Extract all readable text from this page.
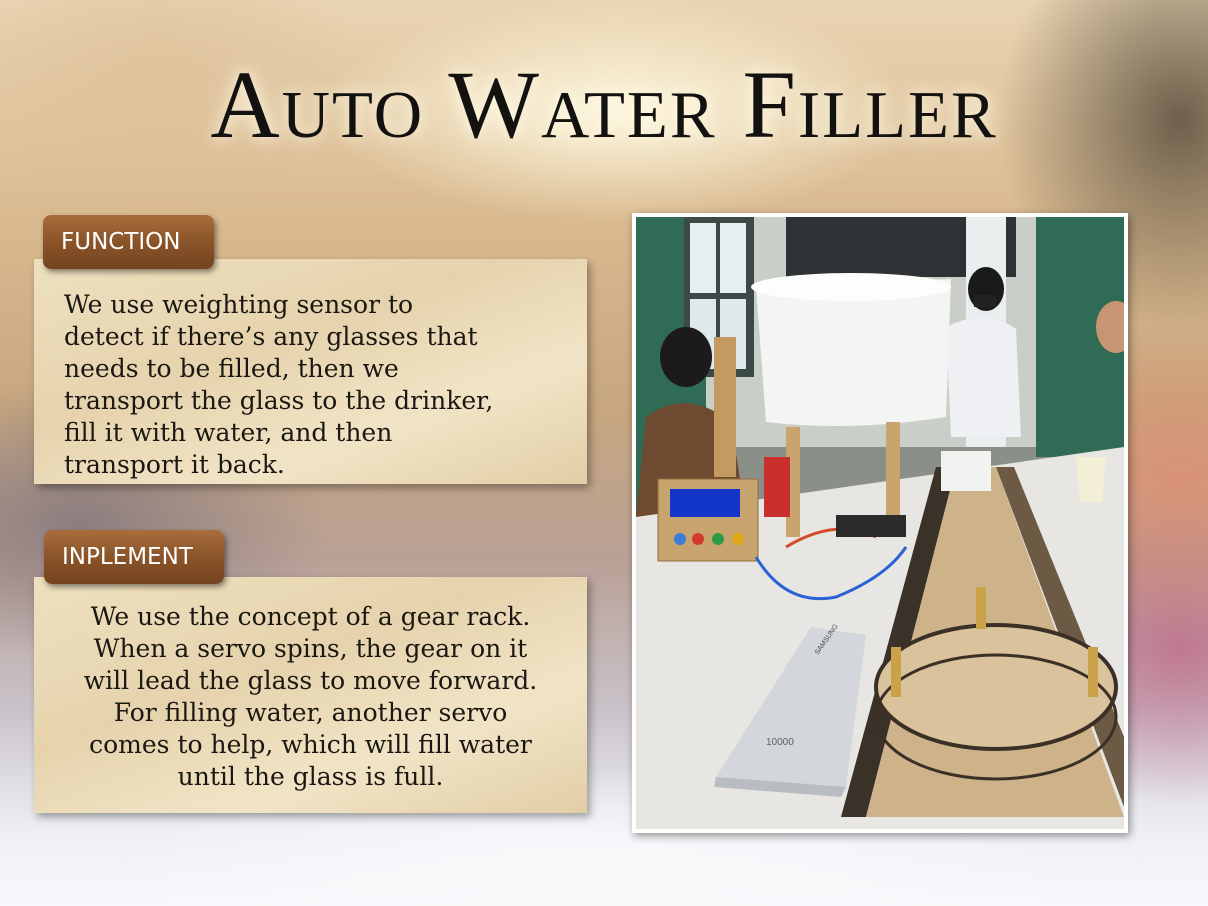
Auto Water Filler
FUNCTION

We use weighting sensor to
detect if there’s any glasses that
needs to be filled, then we
transport the glass to the drinker,
fill it with water, and then
transport it back.

INPLEMENT

We use the concept of a gear rack.
When a servo spins, the gear on it
will lead the glass to move forward.
For filling water, another servo
comes to help, which will fill water
until the glass is full.

SAMSUNG
10000
